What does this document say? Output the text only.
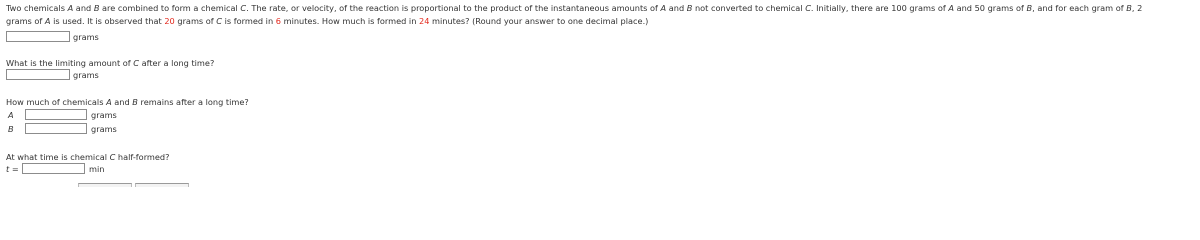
Two chemicals A and B are combined to form a chemical C. The rate, or velocity, of the reaction is proportional to the product of the instantaneous amounts of A and B not converted to chemical C. Initially, there are 100 grams of A and 50 grams of B, and for each gram of B, 2
grams of A is used. It is observed that 20 grams of C is formed in 6 minutes. How much is formed in 24 minutes? (Round your answer to one decimal place.)
grams
What is the limiting amount of C after a long time?
grams
How much of chemicals A and B remains after a long time?
A	grams
B	grams
At what time is chemical C half-formed?
t =	min
